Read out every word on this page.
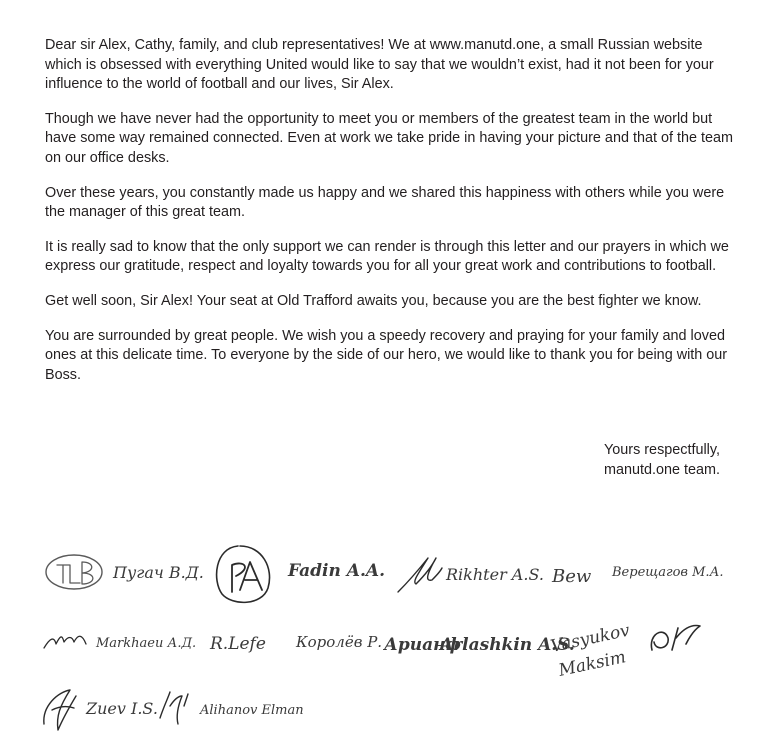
Dear sir Alex, Cathy, family, and club representatives! We at www.manutd.one, a small Russian website which is obsessed with everything United would like to say that we wouldn’t exist, had it not been for your influence to the world of football and our lives, Sir Alex.

Though we have never had the opportunity to meet you or members of the greatest team in the world but have some way remained connected. Even at work we take pride in having your picture and that of the team on our office desks.

Over these years, you constantly made us happy and we shared this happiness with others while you were the manager of this great team.

It is really sad to know that the only support we can render is through this letter and our prayers in which we express our gratitude, respect and loyalty towards you for all your great work and contributions to football.

Get well soon, Sir Alex! Your seat at Old Trafford awaits you, because you are the best fighter we know.

You are surrounded by great people. We wish you a speedy recovery and praying for your family and loved ones at this delicate time. To everyone by the side of our hero, we would like to thank you for being with our Boss.

Yours respectfully,
manutd.one team.
Пугач В.Д.	Fadin A.A.	Rikhter A.S. Bew Верещагов М.А.
Markhaeu А.Д. R.Lefe Королёв Р. Арианф
Arlashkin A.S.
Vasyukov
Maksim
Zuev I.S.	Alihanov Elman
